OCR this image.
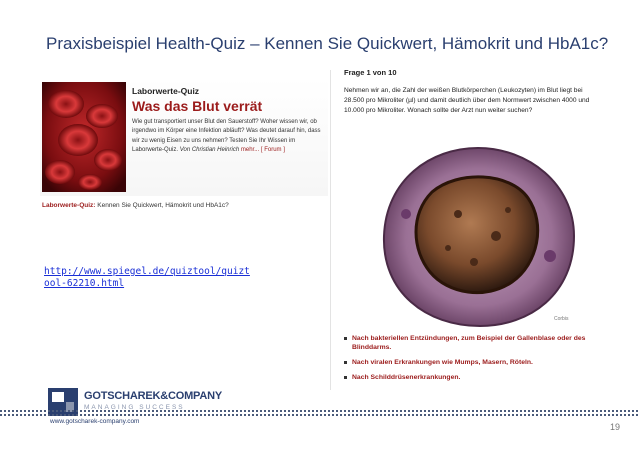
Praxisbeispiel Health-Quiz – Kennen Sie Quickwert, Hämokrit und HbA1c?
Laborwerte-Quiz
Was das Blut verrät
Wie gut transportiert unser Blut den Sauerstoff? Woher wissen wir, ob irgendwo im Körper eine Infektion abläuft? Was deutet darauf hin, dass wir zu wenig Eisen zu uns nehmen? Testen Sie Ihr Wissen im Laborwerte-Quiz. Von Christian Heinrich mehr... [ Forum ]
Laborwerte-Quiz: Kennen Sie Quickwert, Hämokrit und HbA1c?
http://www.spiegel.de/quiztool/quiztool-62210.html
Frage 1 von 10
Nehmen wir an, die Zahl der weißen Blutkörperchen (Leukozyten) im Blut liegt bei 28.500 pro Mikroliter (µl) und damit deutlich über dem Normwert zwischen 4000 und 10.000 pro Mikroliter. Wonach sollte der Arzt nun weiter suchen?
Corbis
Nach bakteriellen Entzündungen, zum Beispiel der Gallenblase oder des Blinddarms.
Nach viralen Erkrankungen wie Mumps, Masern, Röteln.
Nach Schilddrüsenerkrankungen.
GOTSCHAREK&COMPANY
MANAGING SUCCESS
www.gotscharek-company.com
19
